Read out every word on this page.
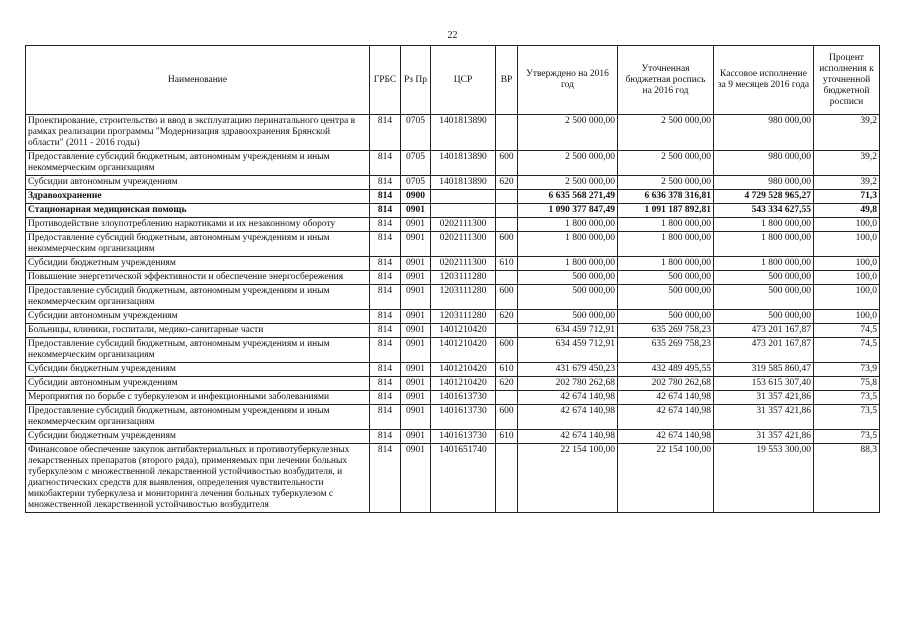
22
Наименование	ГРБС	Рз Пр	ЦСР	ВР	Утверждено на 2016 год	Уточненная бюджетная роспись на 2016 год	Кассовое исполнение за 9 месяцев 2016 года	Процент исполнения к уточненной бюджетной росписи
Проектирование, строительство и ввод в эксплуатацию перинатального центра в рамках реализации программы "Модернизация здравоохранения Брянской области" (2011 - 2016 годы)	814	0705	1401813890		2 500 000,00	2 500 000,00	980 000,00	39,2
Предоставление субсидий бюджетным, автономным учреждениям и иным некоммерческим организациям	814	0705	1401813890	600	2 500 000,00	2 500 000,00	980 000,00	39,2
Субсидии автономным учреждениям	814	0705	1401813890	620	2 500 000,00	2 500 000,00	980 000,00	39,2
Здравоохранение	814	0900			6 635 568 271,49	6 636 378 316,81	4 729 528 965,27	71,3
Стационарная медицинская помощь	814	0901			1 090 377 847,49	1 091 187 892,81	543 334 627,55	49,8
Противодействие злоупотреблению наркотиками и их незаконному обороту	814	0901	0202111300		1 800 000,00	1 800 000,00	1 800 000,00	100,0
Предоставление субсидий бюджетным, автономным учреждениям и иным некоммерческим организациям	814	0901	0202111300	600	1 800 000,00	1 800 000,00	1 800 000,00	100,0
Субсидии бюджетным учреждениям	814	0901	0202111300	610	1 800 000,00	1 800 000,00	1 800 000,00	100,0
Повышение энергетической эффективности и обеспечение энергосбережения	814	0901	1203111280		500 000,00	500 000,00	500 000,00	100,0
Предоставление субсидий бюджетным, автономным учреждениям и иным некоммерческим организациям	814	0901	1203111280	600	500 000,00	500 000,00	500 000,00	100,0
Субсидии автономным учреждениям	814	0901	1203111280	620	500 000,00	500 000,00	500 000,00	100,0
Больницы, клиники, госпитали, медико-санитарные части	814	0901	1401210420		634 459 712,91	635 269 758,23	473 201 167,87	74,5
Предоставление субсидий бюджетным, автономным учреждениям и иным некоммерческим организациям	814	0901	1401210420	600	634 459 712,91	635 269 758,23	473 201 167,87	74,5
Субсидии бюджетным учреждениям	814	0901	1401210420	610	431 679 450,23	432 489 495,55	319 585 860,47	73,9
Субсидии автономным учреждениям	814	0901	1401210420	620	202 780 262,68	202 780 262,68	153 615 307,40	75,8
Мероприятия по борьбе с туберкулезом и инфекционными заболеваниями	814	0901	1401613730		42 674 140,98	42 674 140,98	31 357 421,86	73,5
Предоставление субсидий бюджетным, автономным учреждениям и иным некоммерческим организациям	814	0901	1401613730	600	42 674 140,98	42 674 140,98	31 357 421,86	73,5
Субсидии бюджетным учреждениям	814	0901	1401613730	610	42 674 140,98	42 674 140,98	31 357 421,86	73,5
Финансовое обеспечение закупок антибактериальных и противотуберкулезных лекарственных препаратов (второго ряда), применяемых при лечении больных туберкулезом с множественной лекарственной устойчивостью возбудителя, и диагностических средств для выявления, определения чувствительности микобактерии туберкулеза и мониторинга лечения больных туберкулезом с множественной лекарственной устойчивостью возбудителя	814	0901	1401651740		22 154 100,00	22 154 100,00	19 553 300,00	88,3
